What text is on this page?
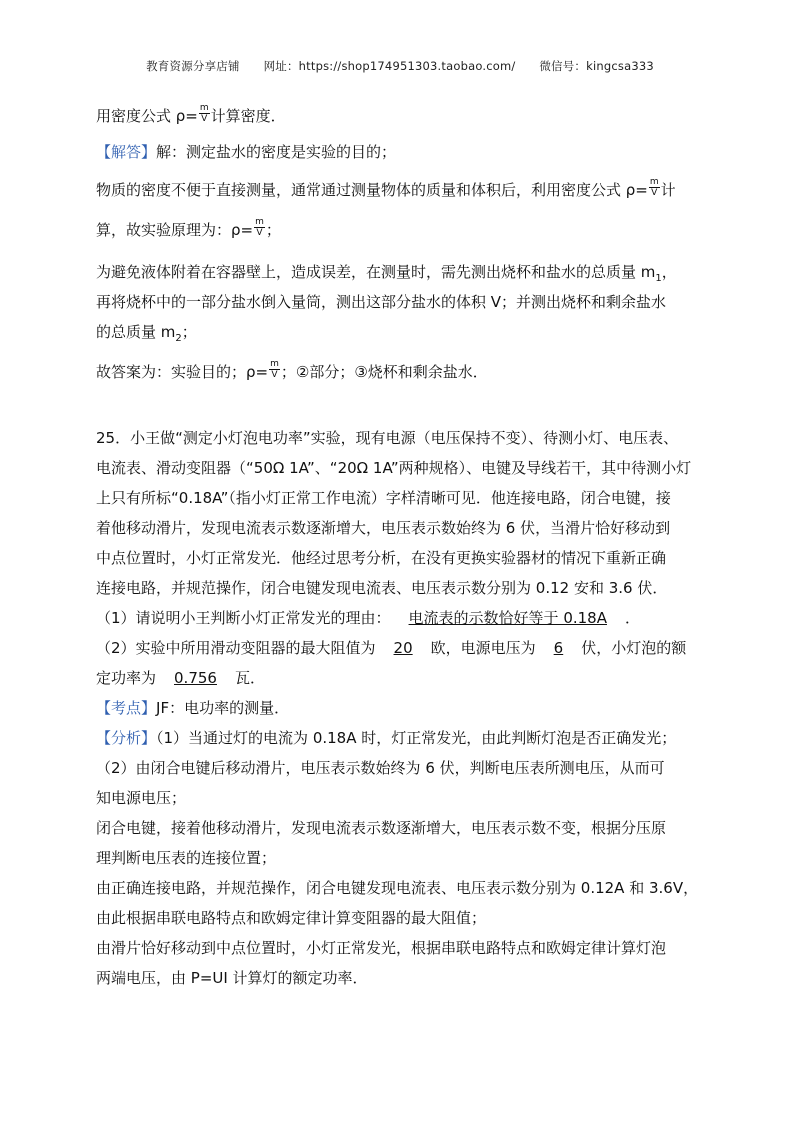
教育资源分享店铺 网址：https://shop174951303.taobao.com/ 微信号：kingcsa333
用密度公式 $\rho= \frac{m}{V}$ 计算密度．
【解答】解：测定盐水的密度是实验的目的；
物质的密度不便于直接测量，通常通过测量物体的质量和体积后，利用密度公式 $\rho= \frac{m}{V}$ 计
算，故实验原理为：$\rho= \frac{m}{V}$ ；
为避免液体附着在容器壁上，造成误差，在测量时，需先测出烧杯和盐水的总质量 $m_1$，
再将烧杯中的一部分盐水倒入量筒，测出这部分盐水的体积 V；并测出烧杯和剩余盐水
的总质量 $m_2$；
故答案为：实验目的；$\rho= \frac{m}{V}$ ；②部分；③烧杯和剩余盐水．
25．小王做“测定小灯泡电功率”实验，现有电源（电压保持不变）、待测小灯、电压表、
电流表、滑动变阻器（“50Ω 1A”、“20Ω 1A”两种规格）、电键及导线若干，其中待测小灯
上只有所标“0.18A”（指小灯正常工作电流）字样清晰可见．他连接电路，闭合电键，接
着他移动滑片，发现电流表示数逐渐增大，电压表示数始终为 6 伏，当滑片恰好移动到
中点位置时，小灯正常发光．他经过思考分析，在没有更换实验器材的情况下重新正确
连接电路，并规范操作，闭合电键发现电流表、电压表示数分别为 0.12 安和 3.6 伏．
（1）请说明小王判断小灯正常发光的理由： 电流表的示数恰好等于 0.18A ．
（2）实验中所用滑动变阻器的最大阻值为 20 欧，电源电压为 6 伏，小灯泡的额
定功率为 0.756 瓦．
【考点】JF：电功率的测量．
【分析】（1）当通过灯的电流为 0.18A 时，灯正常发光，由此判断灯泡是否正确发光；
（2）由闭合电键后移动滑片，电压表示数始终为 6 伏，判断电压表所测电压，从而可
知电源电压；
闭合电键，接着他移动滑片，发现电流表示数逐渐增大，电压表示数不变，根据分压原
理判断电压表的连接位置；
由正确连接电路，并规范操作，闭合电键发现电流表、电压表示数分别为 0.12A 和 3.6V，
由此根据串联电路特点和欧姆定律计算变阻器的最大阻值；
由滑片恰好移动到中点位置时，小灯正常发光，根据串联电路特点和欧姆定律计算灯泡
两端电压，由 P=UI 计算灯的额定功率．
